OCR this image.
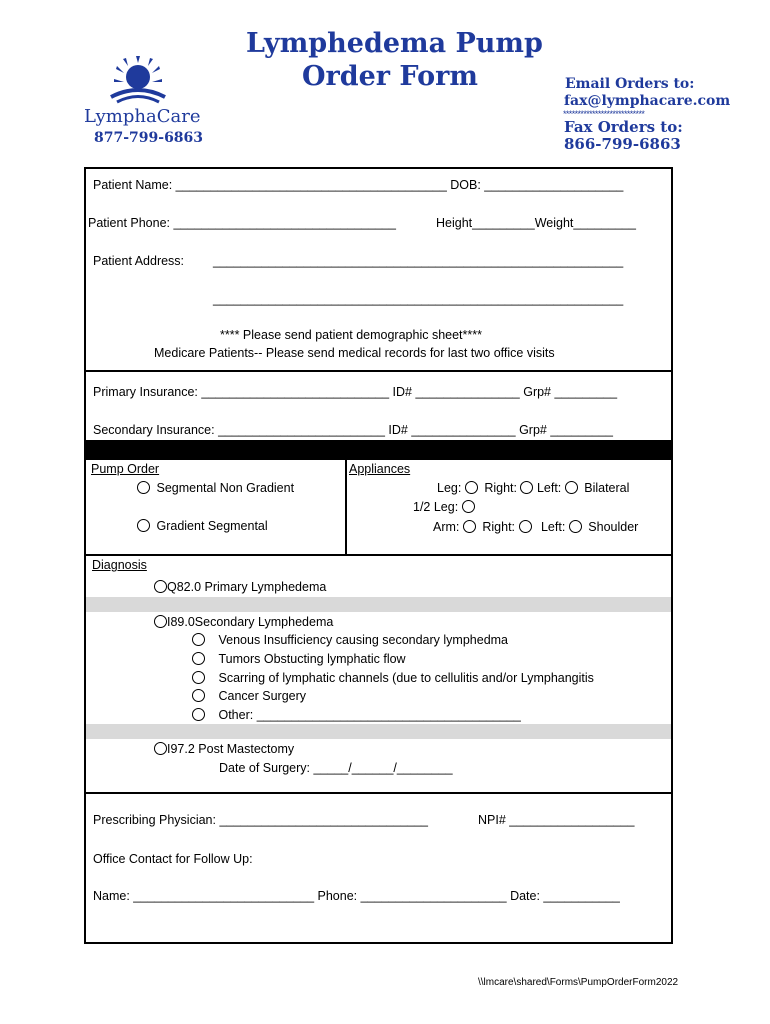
LymphaCare
877-799-6863
Lymphedema Pump
Order Form	Email Orders to:
fax@lymphacare.com
****************************
Fax Orders to:
866-799-6863
Patient Name: _______________________________________ DOB: ____________________
Patient Phone: ________________________________	Height_________Weight_________
Patient Address: ___________________________________________________________
___________________________________________________________
**** Please send patient demographic sheet****
Medicare Patients-- Please send medical records for last two office visits
Primary Insurance: ___________________________ ID# _______________ Grp# _________
Secondary Insurance: ________________________ ID# _______________ Grp# _________
Pump Order
Segmental Non Gradient
Gradient Segmental
Appliances
Leg: Right: Left: Bilateral
1/2 Leg:
Arm: Right: Left: Shoulder
Diagnosis
Q82.0 Primary Lymphedema
I89.0Secondary Lymphedema
Venous Insufficiency causing secondary lymphedma
Tumors Obstucting lymphatic flow
Scarring of lymphatic channels (due to cellulitis and/or Lymphangitis
Cancer Surgery
Other: ______________________________________
I97.2 Post Mastectomy
Date of Surgery: _____/______/________
Prescribing Physician: ______________________________	NPI# __________________
Office Contact for Follow Up:
Name: __________________________ Phone: _____________________ Date: ___________
\\lmcare\shared\Forms\PumpOrderForm2022
